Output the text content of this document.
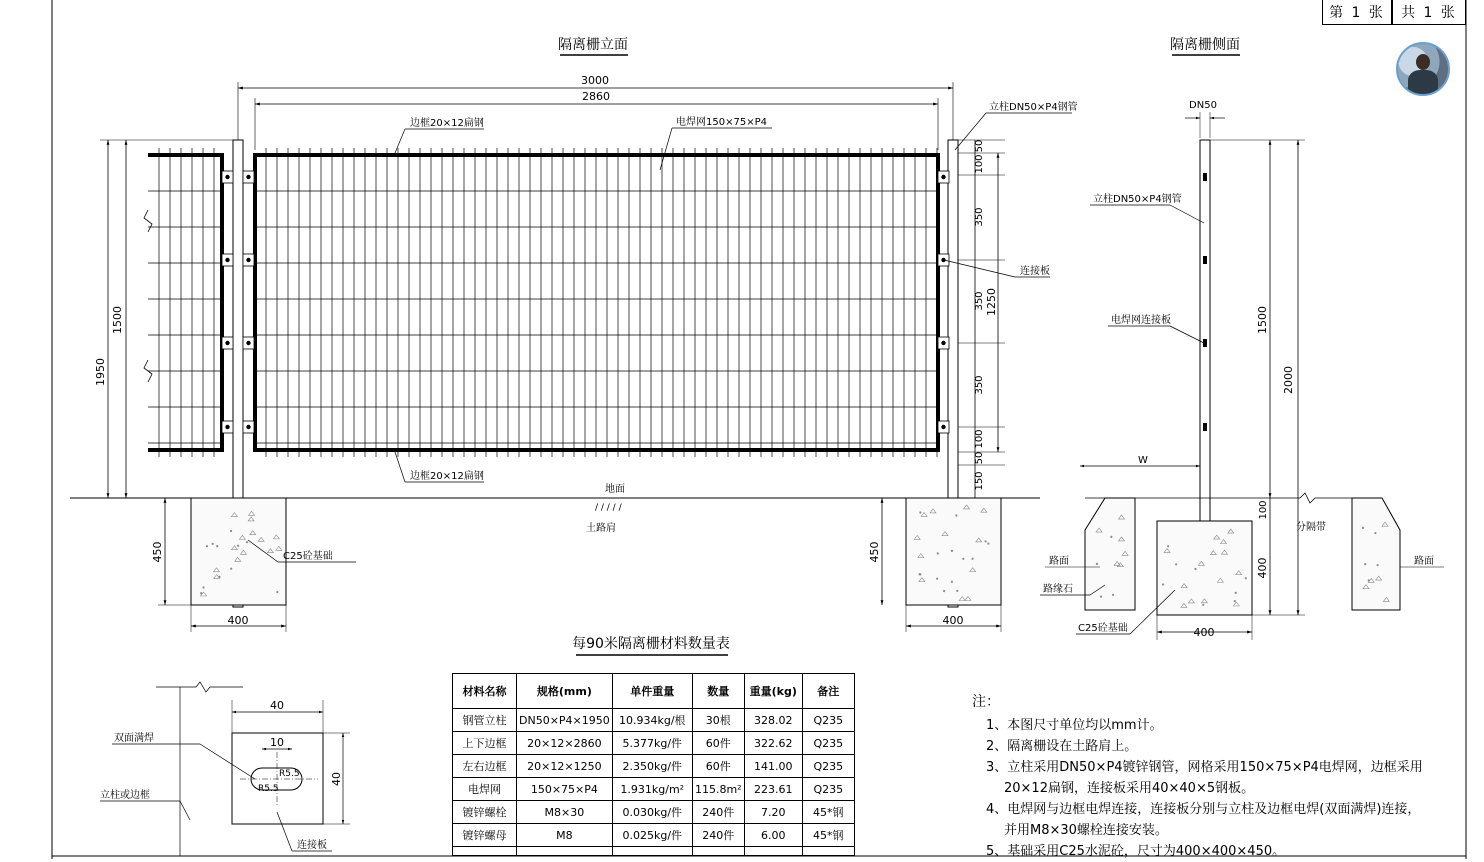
第 1 张 共 1 张
隔离栅立面
3000
2860
1950
1500
450
400
450
400
50
100
350
350
350
100
50
150
1250
边框20×12扁钢	电焊网150×75×P4
立柱DN50×P4钢管
连接板
边框20×12扁钢
地面
/ / / / /
土路肩
C25砼基础
隔离栅侧面
DN50
立柱DN50×P4钢管
电焊网连接板
W
1500
2000
100
400
400
分隔带
路面	路面
路缘石
C25砼基础
每90米隔离栅材料数量表
40
10
R5.5
R5.5
40
双面满焊
立柱或边框
连接板
材料名称	规格(mm)	单件重量	数量	重量(kg)	备注
钢管立柱	DN50×P4×1950	10.934kg/根	30根	328.02	Q235
上下边框	20×12×2860	5.377kg/件	60件	322.62	Q235
左右边框	20×12×1250	2.350kg/件	60件	141.00	Q235
电焊网	150×75×P4	1.931kg/m²	115.8m²	223.61	Q235
镀锌螺栓	M8×30	0.030kg/件	240件	7.20	45*钢
镀锌螺母	M8	0.025kg/件	240件	6.00	45*钢

注：
1、本图尺寸单位均以mm计。
2、隔离栅设在土路肩上。
3、立柱采用DN50×P4镀锌钢管，网格采用150×75×P4电焊网，边框采用
20×12扁钢，连接板采用40×40×5钢板。
4、电焊网与边框电焊连接，连接板分别与立柱及边框电焊(双面满焊)连接，
并用M8×30螺栓连接安装。
5、基础采用C25水泥砼，尺寸为400×400×450。
